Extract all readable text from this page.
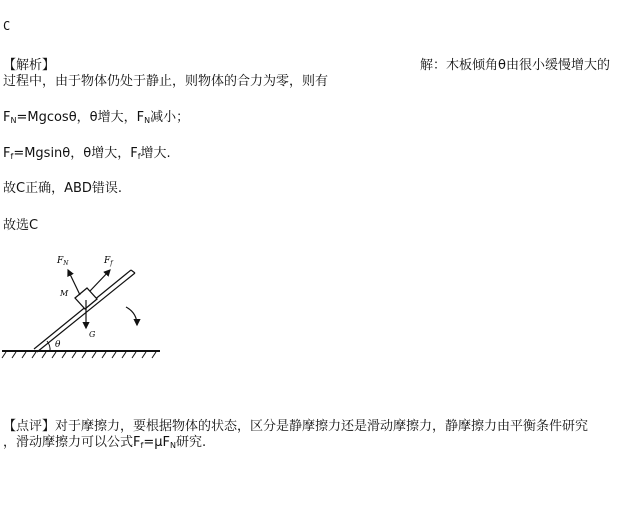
C
【解析】	解：木板倾角θ由很小缓慢增大的
过程中，由于物体仍处于静止，则物体的合力为零，则有
$F_N=Mgcos\theta$，θ增大，$F_N$减小；
$F_f=Mgsin\theta$，θ增大，$F_f$增大.
故C正确，ABD错误.
故选C
$F_N$	$F_f$
M
G
θ
【点评】对于摩擦力，要根据物体的状态，区分是静摩擦力还是滑动摩擦力，静摩擦力由平衡条件研究
，滑动摩擦力可以公式$F_f=\mu F_N$研究.
